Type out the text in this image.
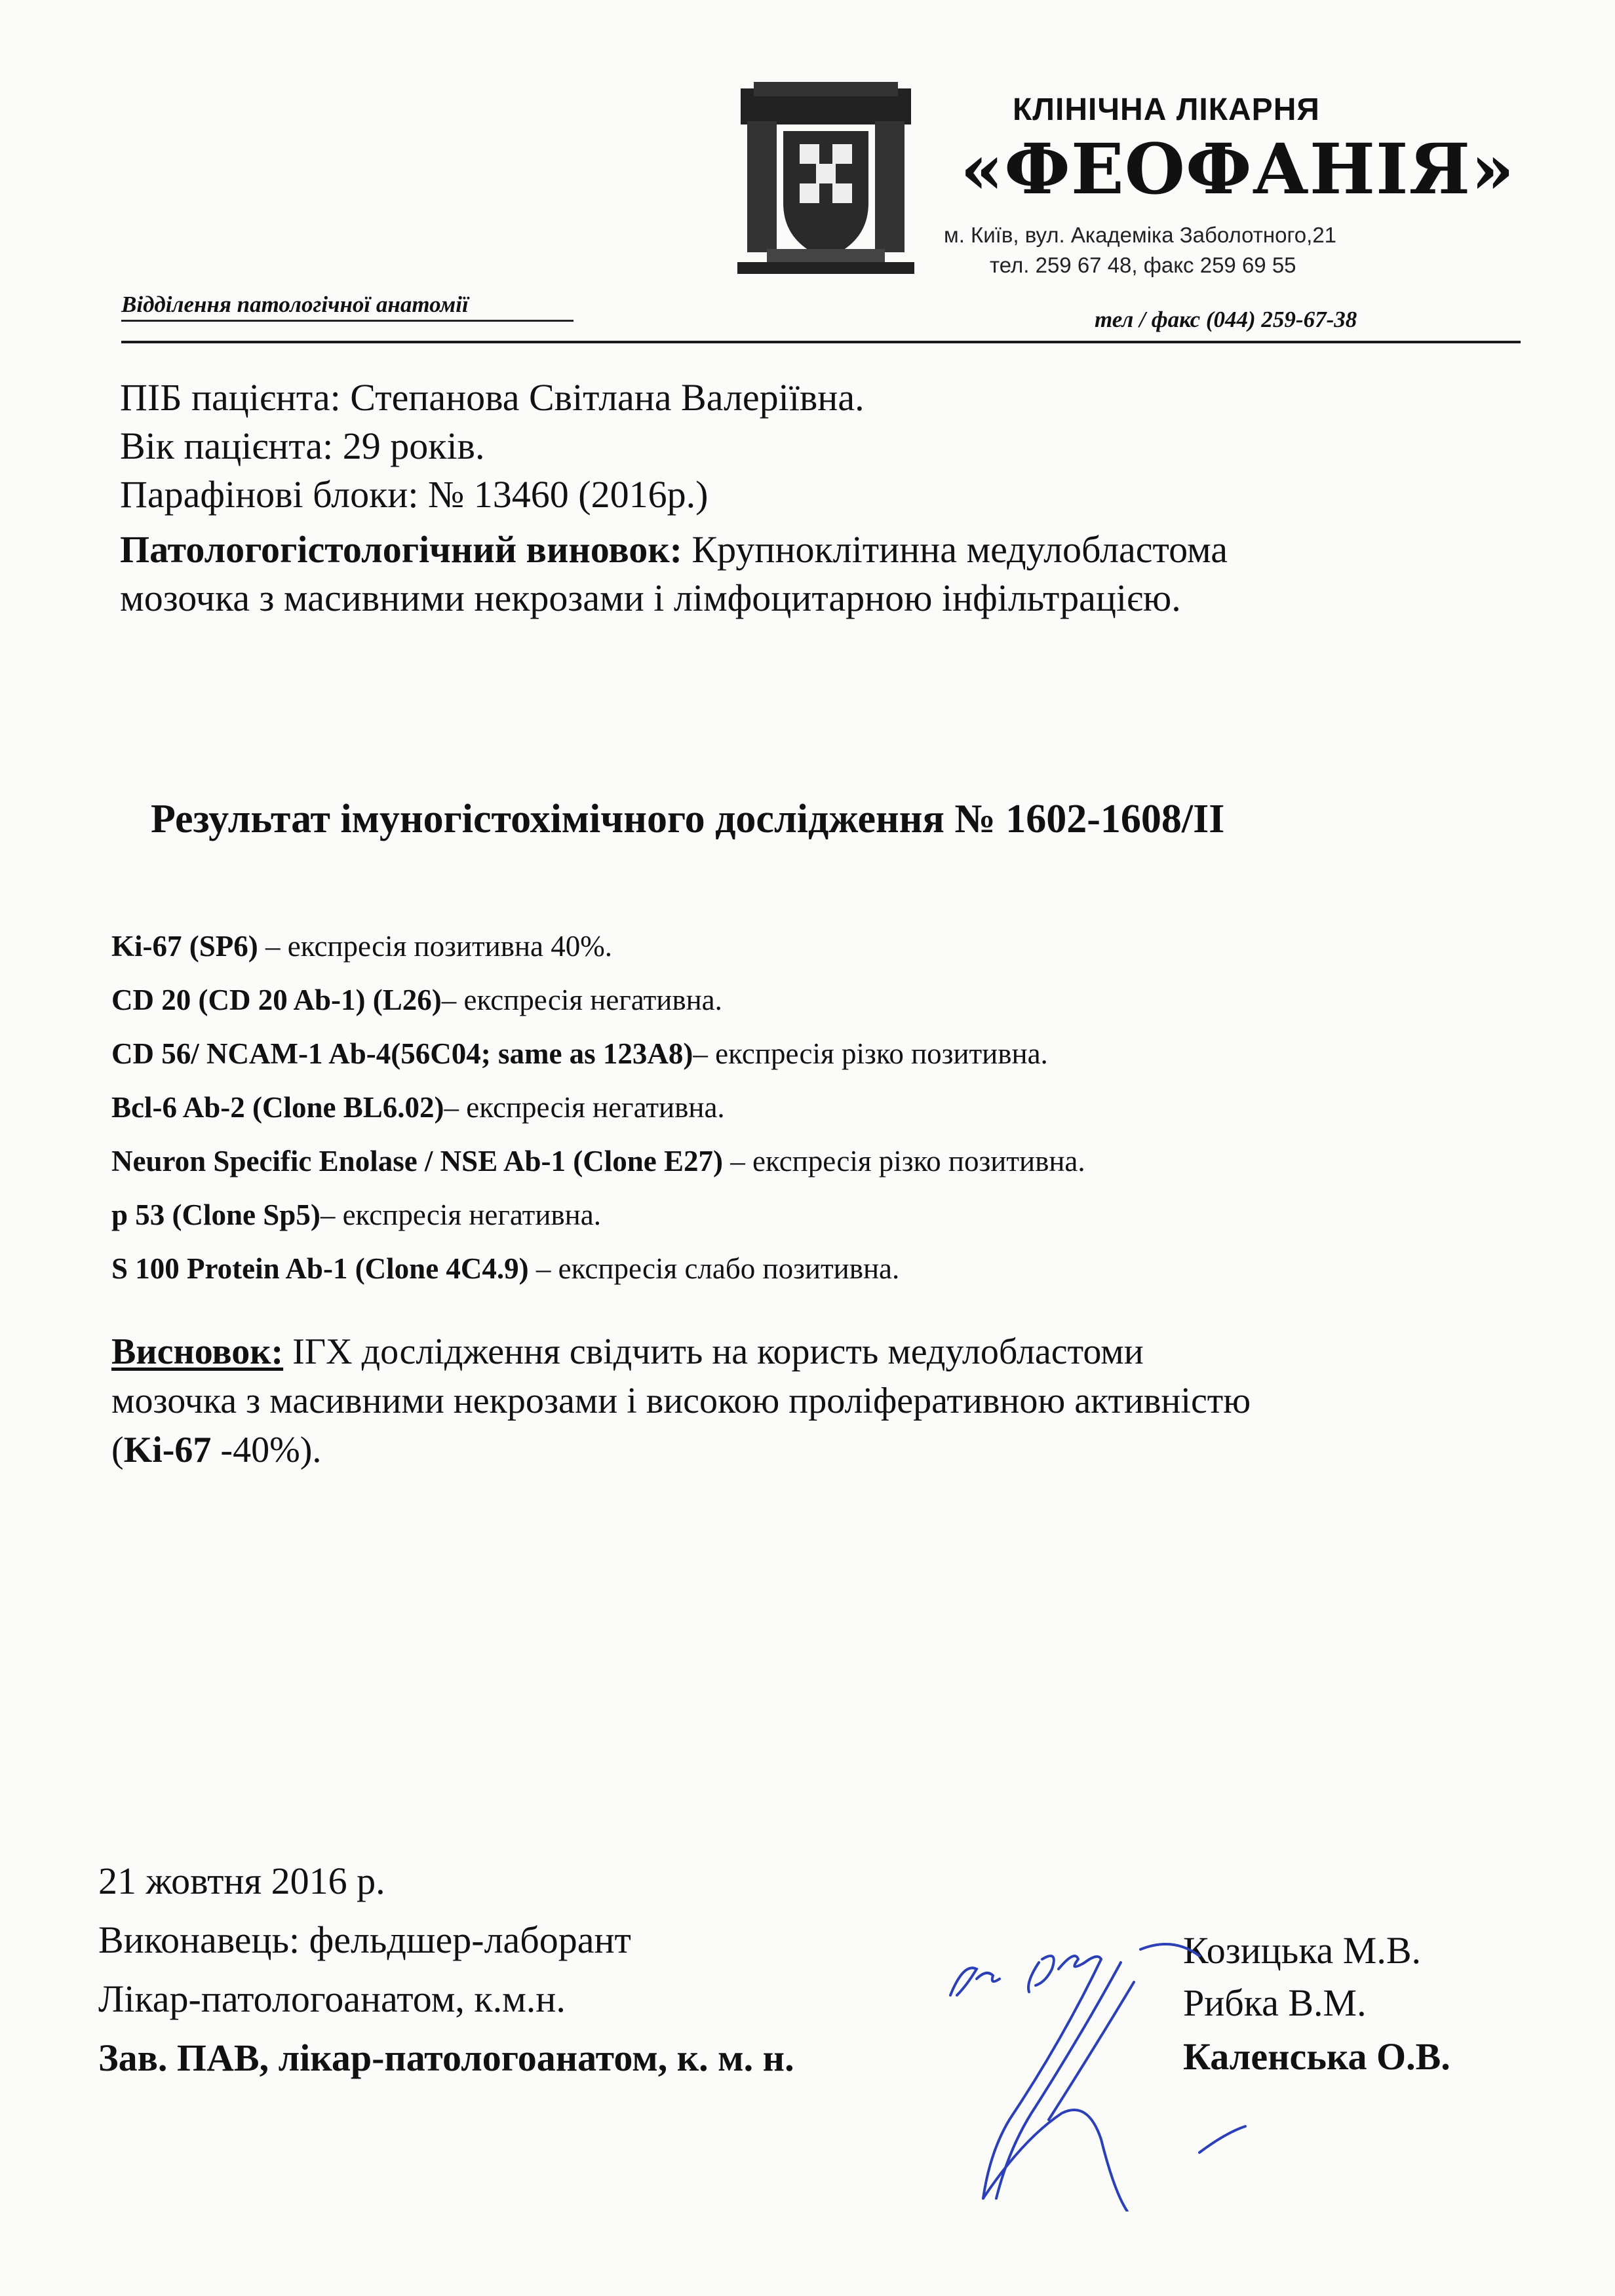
КЛІНІЧНА ЛІКАРНЯ
«ФЕОФАНІЯ»
м. Київ, вул. Академіка Заболотного,21
тел. 259 67 48, факс 259 69 55
Відділення патологічної анатомії
тел / факс (044) 259-67-38
ПІБ пацієнта: Степанова Світлана Валеріївна.
Вік пацієнта: 29 років.
Парафінові блоки: № 13460 (2016р.)
Патологогістологічний виновок: Крупноклітинна медулобластома
мозочка з масивними некрозами і лімфоцитарною інфільтрацією.
Результат імуногістохімічного дослідження № 1602-1608/II
Ki-67 (SP6) – експресія позитивна 40%.
CD 20 (CD 20 Ab-1) (L26)– експресія негативна.
CD 56/ NCAM-1 Ab-4(56C04; same as 123A8)– експресія різко позитивна.
Bcl-6 Ab-2 (Clone BL6.02)– експресія негативна.
Neuron Specific Enolase / NSE Ab-1 (Clone E27) – експресія різко позитивна.
p 53 (Clone Sp5)– експресія негативна.
S 100 Protein Ab-1 (Clone 4C4.9) – експресія слабо позитивна.
Висновок: ІГХ дослідження свідчить на користь медулобластоми
мозочка з масивними некрозами і високою проліферативною активністю
(Ki-67 -40%).
21 жовтня 2016 р.
Виконавець: фельдшер-лаборант
Лікар-патологоанатом, к.м.н.
Зав. ПАВ, лікар-патологоанатом, к. м. н.
Козицька М.В.
Рибка В.М.
Каленська О.В.
